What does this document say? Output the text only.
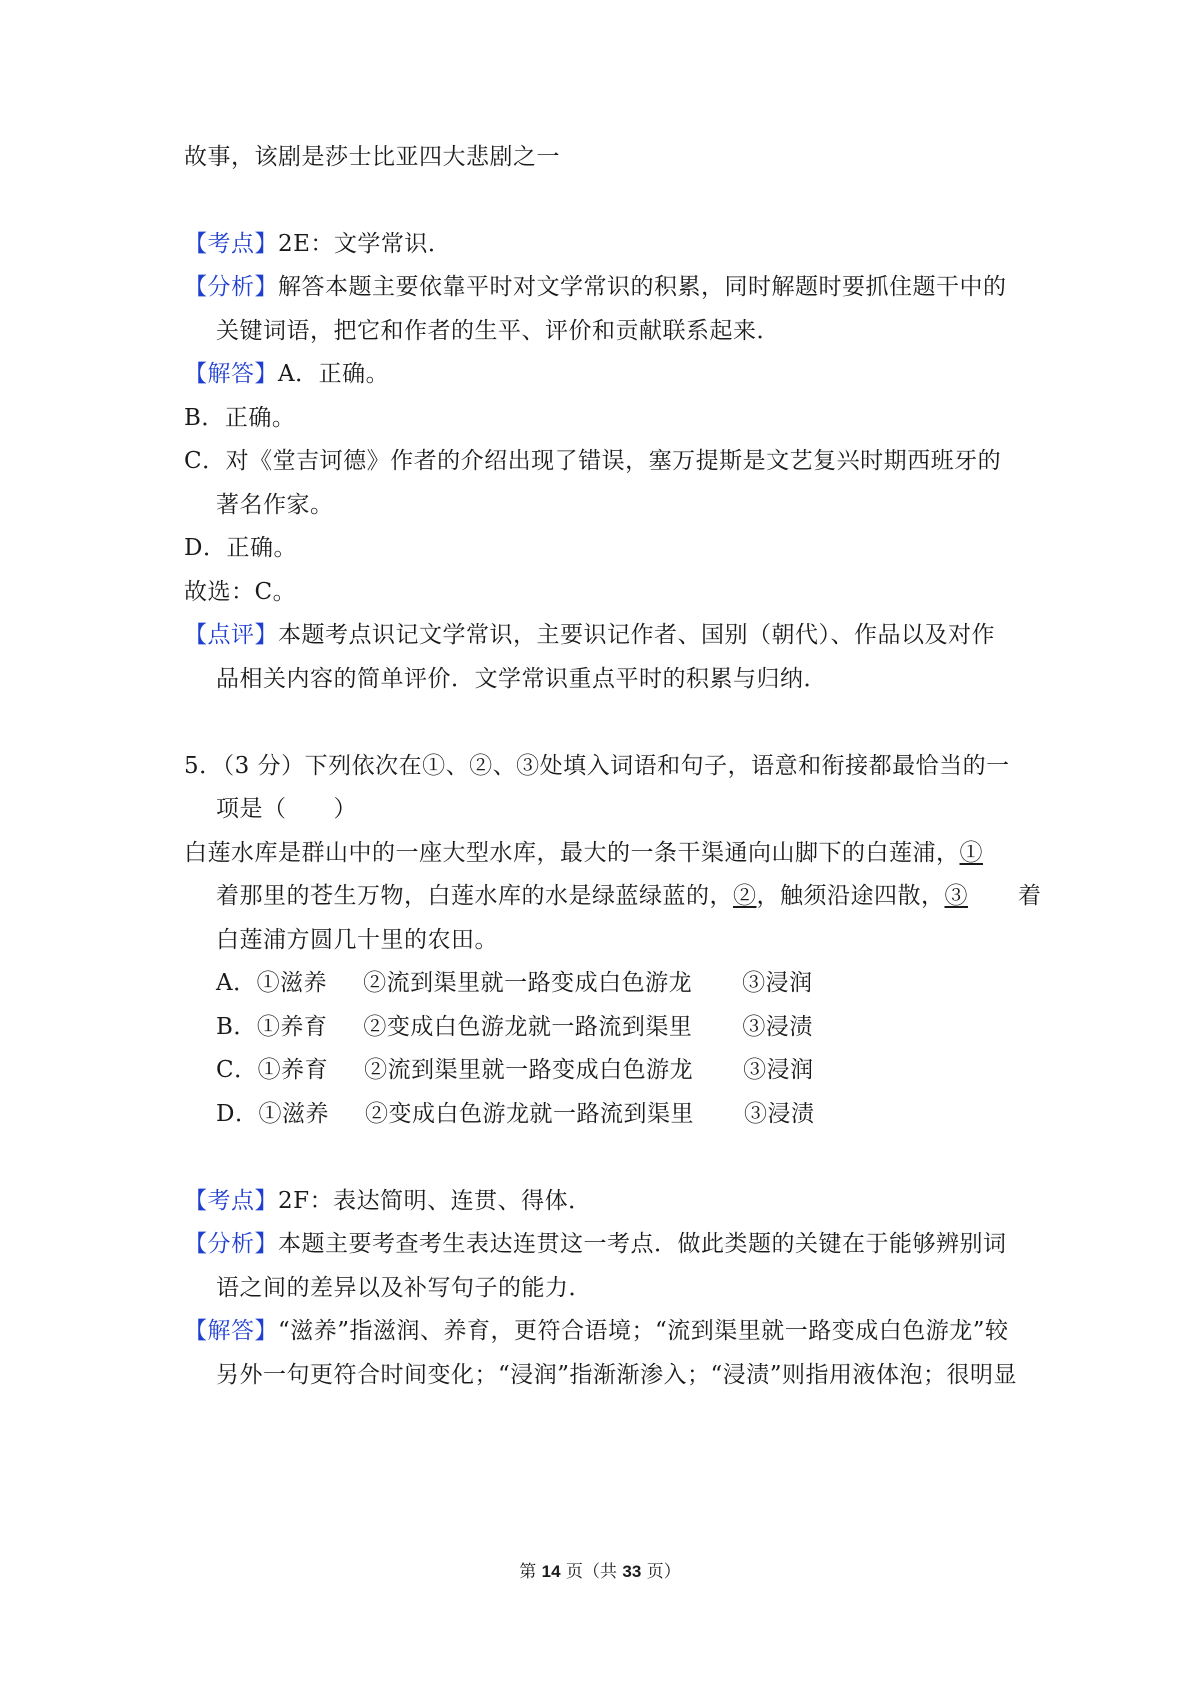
故事，该剧是莎士比亚四大悲剧之一
【考点】2E：文学常识．
【分析】解答本题主要依靠平时对文学常识的积累，同时解题时要抓住题干中的
关键词语，把它和作者的生平、评价和贡献联系起来．
【解答】A．正确。
B．正确。
C．对《堂吉诃德》作者的介绍出现了错误，塞万提斯是文艺复兴时期西班牙的
著名作家。
D．正确。
故选：C。
【点评】本题考点识记文学常识，主要识记作者、国别（朝代）、作品以及对作
品相关内容的简单评价．文学常识重点平时的积累与归纳．
5．（3 分）下列依次在①、②、③处填入词语和句子，语意和衔接都最恰当的一
项是（　　）
白莲水库是群山中的一座大型水库，最大的一条干渠通向山脚下的白莲浦，①
着那里的苍生万物，白莲水库的水是绿蓝绿蓝的，②，触须沿途四散，③ 着
白莲浦方圆几十里的农田。
A．①滋养 ②流到渠里就一路变成白色游龙 ③浸润
B．①养育 ②变成白色游龙就一路流到渠里 ③浸渍
C．①养育 ②流到渠里就一路变成白色游龙 ③浸润
D．①滋养 ②变成白色游龙就一路流到渠里 ③浸渍
【考点】2F：表达简明、连贯、得体．
【分析】本题主要考查考生表达连贯这一考点．做此类题的关键在于能够辨别词
语之间的差异以及补写句子的能力．
【解答】“滋养”指滋润、养育，更符合语境；“流到渠里就一路变成白色游龙”较
另外一句更符合时间变化；“浸润”指渐渐渗入；“浸渍”则指用液体泡；很明显
第 14 页（共 33 页）
